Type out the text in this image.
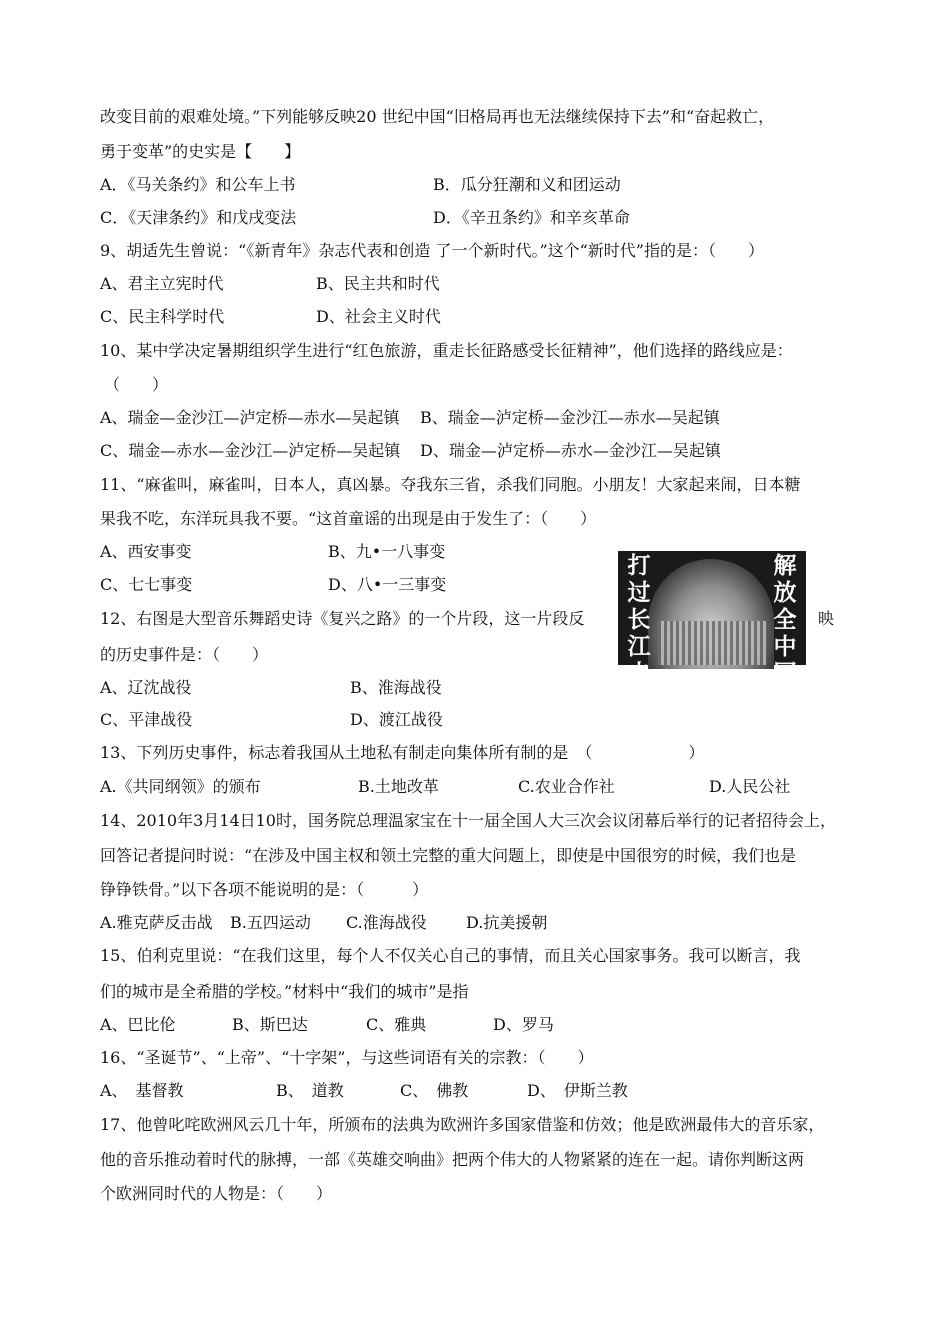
改变目前的艰难处境。”下列能够反映20 世纪中国“旧格局再也无法继续保持下去”和“奋起救亡，
勇于变革”的史实是【　　】
A．《马关条约》和公车上书	B．瓜分狂潮和义和团运动
C．《天津条约》和戊戌变法	D．《辛丑条约》和辛亥革命
9、胡适先生曾说：“《新青年》杂志代表和创造 了一个新时代。”这个“新时代”指的是：（　　）
A、君主立宪时代	B、民主共和时代
C、民主科学时代	D、社会主义时代
10、某中学决定暑期组织学生进行“红色旅游，重走长征路感受长征精神”，他们选择的路线应是：
（　　）
A、瑞金—金沙江—泸定桥—赤水—吴起镇 B、瑞金—泸定桥—金沙江—赤水—吴起镇
C、瑞金—赤水—金沙江—泸定桥—吴起镇 D、瑞金—泸定桥—赤水—金沙江—吴起镇
11、“麻雀叫，麻雀叫，日本人，真凶暴。夺我东三省，杀我们同胞。小朋友！大家起来闹，日本糖
果我不吃，东洋玩具我不要。“这首童谣的出现是由于发生了：（　　）
A、西安事变	B、九•一八事变
C、七七事变	D、八•一三事变
打过长江去
解放全中国
12、右图是大型音乐舞蹈史诗《复兴之路》的一个片段，这一片段反	映
的历史事件是：（　　）
A、辽沈战役	B、淮海战役
C、平津战役	D、渡江战役
13、下列历史事件，标志着我国从土地私有制走向集体所有制的是　（　　　　　　）
A.《共同纲领》的颁布	B.土地改革	C.农业合作社	D.人民公社
14、2010年3月14日10时，国务院总理温家宝在十一届全国人大三次会议闭幕后举行的记者招待会上，
回答记者提问时说：“在涉及中国主权和领土完整的重大问题上，即使是中国很穷的时候，我们也是
铮铮铁骨。”以下各项不能说明的是：（　　　）
A.雅克萨反击战 B.五四运动 C.淮海战役 D.抗美援朝
15、伯利克里说：“在我们这里，每个人不仅关心自己的事情，而且关心国家事务。我可以断言，我
们的城市是全希腊的学校。”材料中“我们的城市”是指
A、巴比伦	B、斯巴达	C、雅典	D、罗马
16、“圣诞节”、“上帝”、“十字架”，与这些词语有关的宗教：（　　）
A、　基督教	B、　道教	C、　佛教	D、　伊斯兰教
17、他曾叱咤欧洲风云几十年，所颁布的法典为欧洲许多国家借鉴和仿效；他是欧洲最伟大的音乐家，
他的音乐推动着时代的脉搏，一部《英雄交响曲》把两个伟大的人物紧紧的连在一起。请你判断这两
个欧洲同时代的人物是：（　　）
